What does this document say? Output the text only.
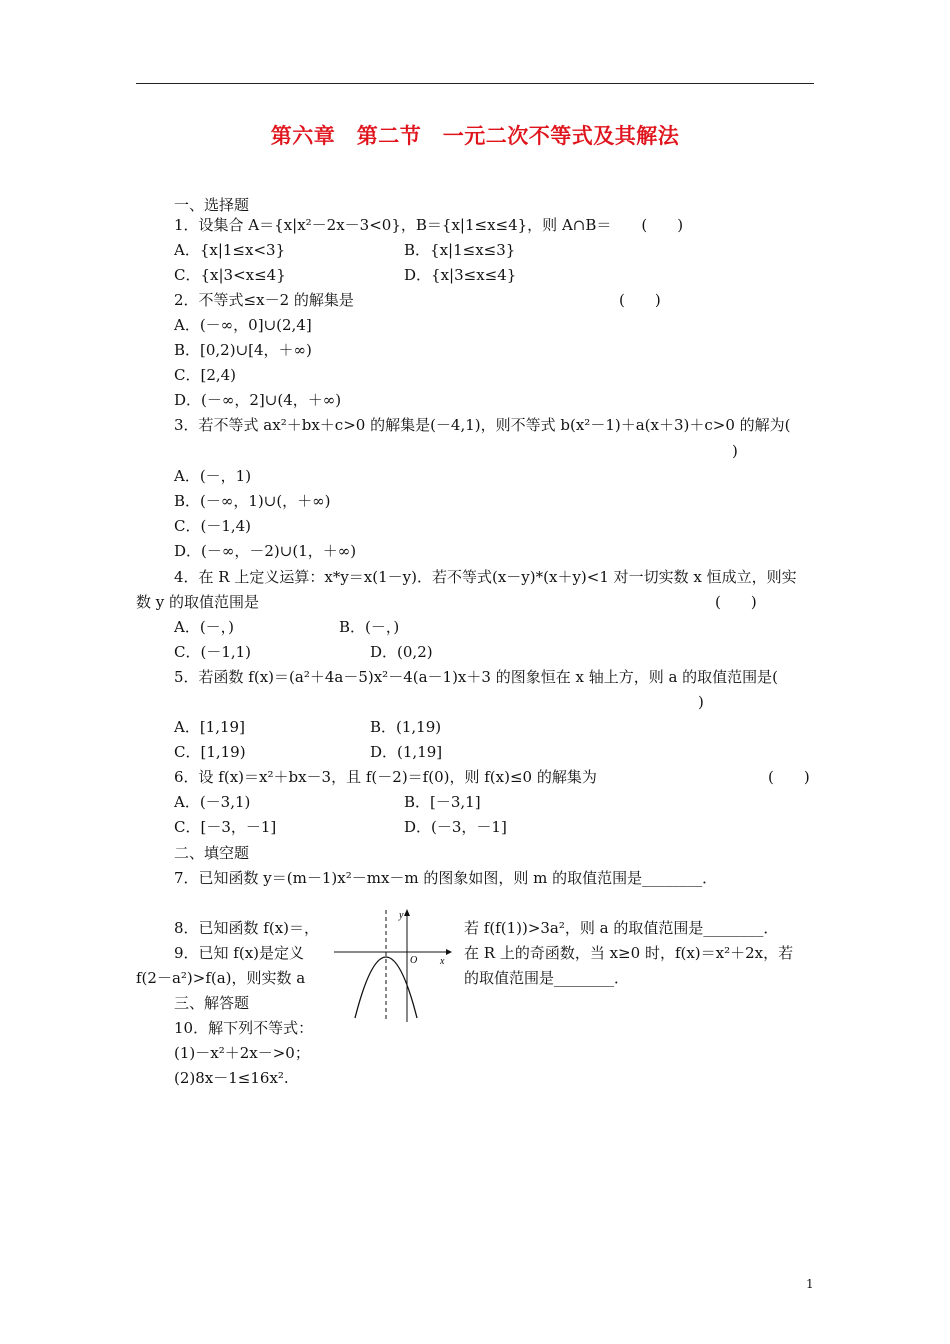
第六章　第二节　一元二次不等式及其解法
一、选择题
1．设集合 A＝{x|x²－2x－3<0}，B＝{x|1≤x≤4}，则 A∩B＝　　(　　)
A．{x|1≤x<3}	B．{x|1≤x≤3}
C．{x|3<x≤4}	D．{x|3≤x≤4}
2．不等式≤x－2 的解集是	(　　)
A．(－∞，0]∪(2,4]
B．[0,2)∪[4，＋∞)
C．[2,4)
D．(－∞，2]∪(4，＋∞)
3．若不等式 ax²＋bx＋c>0 的解集是(－4,1)，则不等式 b(x²－1)＋a(x＋3)＋c>0 的解为(
)
A．(－，1)
B．(－∞，1)∪(，＋∞)
C．(－1,4)
D．(－∞，－2)∪(1，＋∞)
4．在 R 上定义运算：x*y＝x(1－y)．若不等式(x－y)*(x＋y)<1 对一切实数 x 恒成立，则实
数 y 的取值范围是	(　　)
A．(－，)	B．(－，)
C．(－1,1)	D．(0,2)
5．若函数 f(x)＝(a²＋4a－5)x²－4(a－1)x＋3 的图象恒在 x 轴上方，则 a 的取值范围是(
)
A．[1,19]	B．(1,19)
C．[1,19)	D．(1,19]
6．设 f(x)＝x²＋bx－3，且 f(－2)＝f(0)，则 f(x)≤0 的解集为	(　　)
A．(－3,1)	B．[－3,1]
C．[－3，－1]	D．(－3，－1]
二、填空题
7．已知函数 y＝(m－1)x²－mx－m 的图象如图，则 m 的取值范围是________．
8．已知函数 f(x)＝，	若 f(f(1))>3a²，则 a 的取值范围是________．
9．已知 f(x)是定义	在 R 上的奇函数，当 x≥0 时，f(x)＝x²＋2x，若
f(2－a²)>f(a)，则实数 a	的取值范围是________．
三、解答题
10．解下列不等式：
(1)－x²＋2x－>0；
(2)8x－1≤16x².
y
x
O
1
